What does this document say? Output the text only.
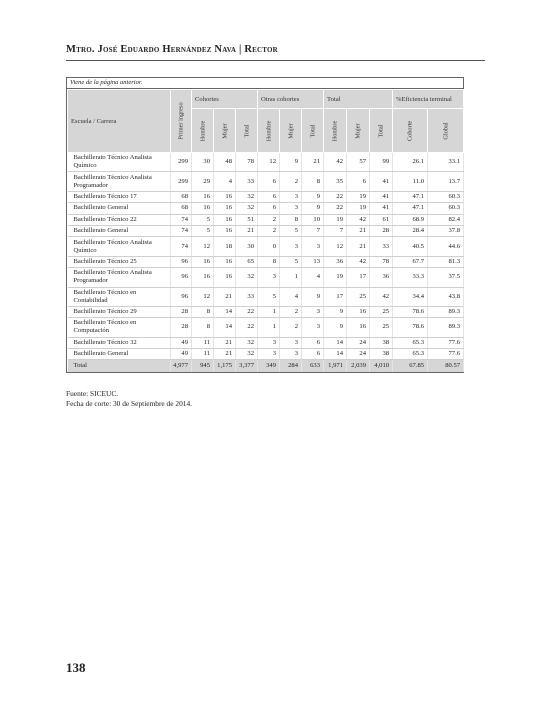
Mtro. José Eduardo Hernández Nava | Rector
Viene de la página anterior.
Escuela / Carrera	Primer ingreso	Cohortes			Otras cohortes			Total			%Eficiencia terminal	

		Hombre	Mujer	Total	Hombre	Mujer	Total	Hombre	Mujer	Total	Cohorte	Global

Bachillerato Técnico Analista Químico	299	30	48	78	12	9	21	42	57	99	26.1	33.1
Bachillerato Técnico Analista Programador	299	29	4	33	6	2	8	35	6	41	11.0	13.7
Bachillerato Técnico 17	68	16	16	32	6	3	9	22	19	41	47.1	60.3
Bachillerato General	68	16	16	32	6	3	9	22	19	41	47.1	60.3
Bachillerato Técnico 22	74	5	16	51	2	8	10	19	42	61	68.9	82.4
Bachillerato General	74	5	16	21	2	5	7	7	21	28	28.4	37.8
Bachillerato Técnico Analista Químico	74	12	18	30	0	3	3	12	21	33	40.5	44.6
Bachillerato Técnico 25	96	16	16	65	8	5	13	36	42	78	67.7	81.3
Bachillerato Técnico Analista Programador	96	16	16	32	3	1	4	19	17	36	33.3	37.5
Bachillerato Técnico en Contabilidad	96	12	21	33	5	4	9	17	25	42	34.4	43.8
Bachillerato Técnico 29	28	8	14	22	1	2	3	9	16	25	78.6	89.3
Bachillerato Técnico en Computación	28	8	14	22	1	2	3	9	16	25	78.6	89.3
Bachillerato Técnico 32	49	11	21	32	3	3	6	14	24	38	65.3	77.6
Bachillerato General	49	11	21	32	3	3	6	14	24	38	65.3	77.6
Total	4,977	945	1,175	3,377	349	284	633	1,971	2,039	4,010	67.85	80.57
Fuente: SICEUC.
Fecha de corte: 30 de Septiembre de 2014.
138
